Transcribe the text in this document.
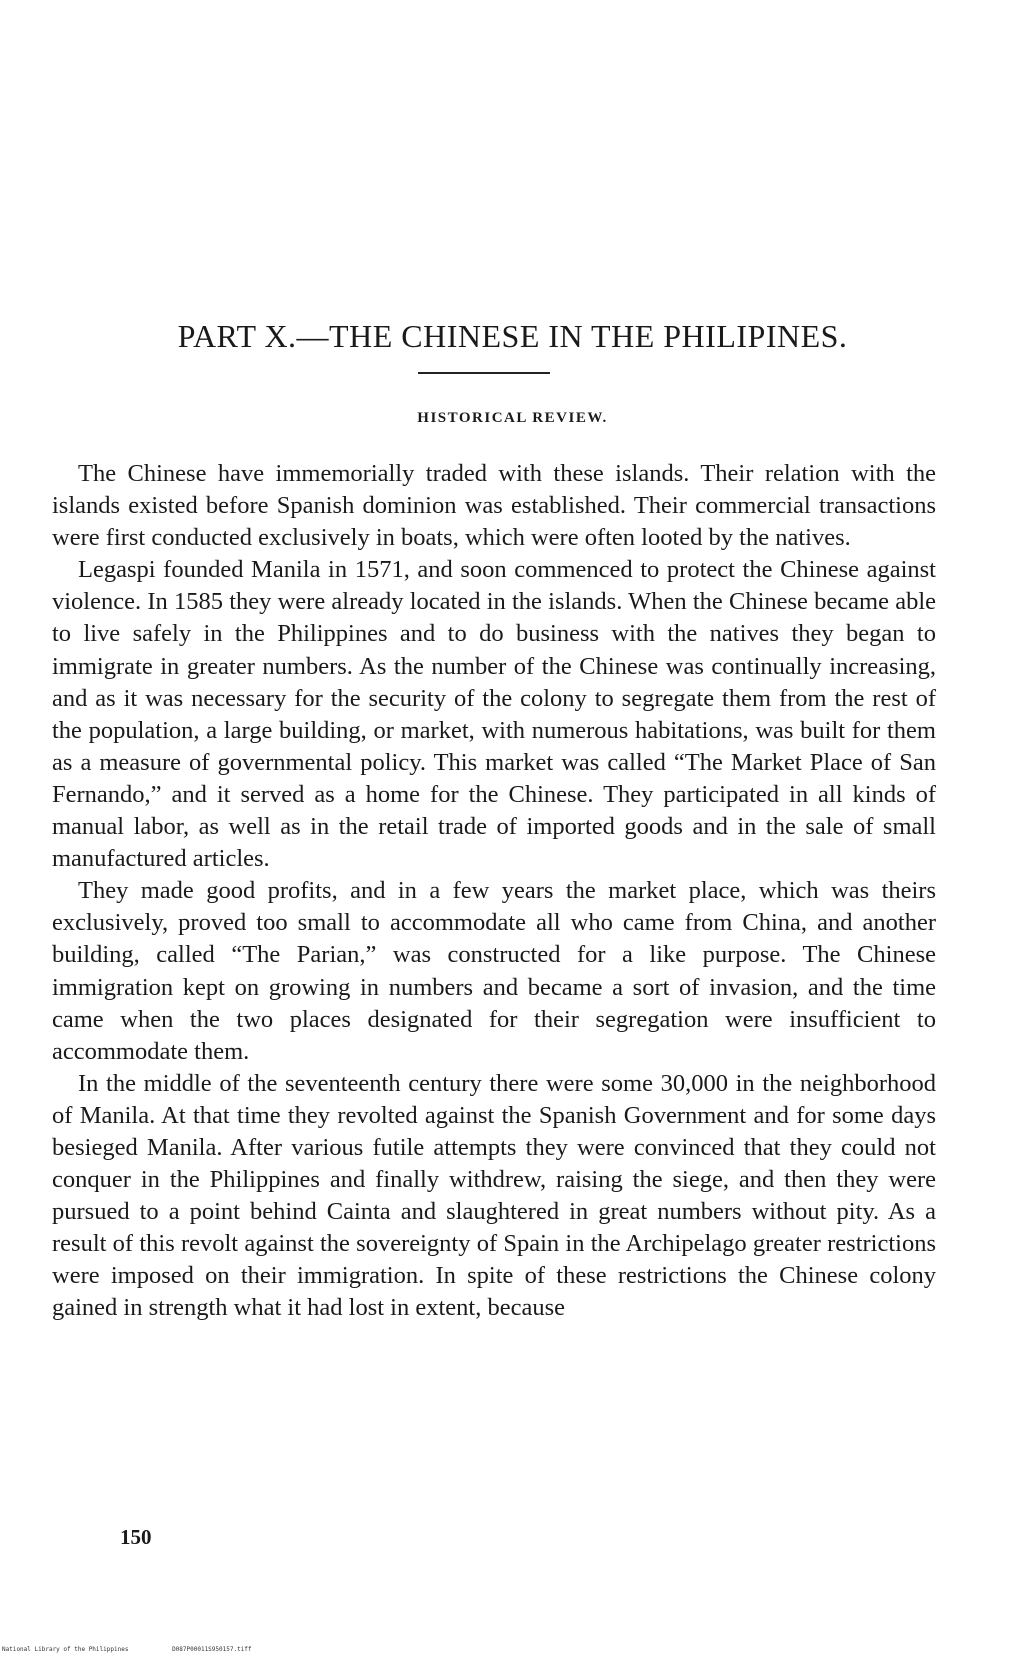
PART X.—THE CHINESE IN THE PHILIPINES.
HISTORICAL REVIEW.

The Chinese have immemorially traded with these islands. Their relation with the islands existed before Spanish dominion was established. Their commercial transactions were first conducted exclusively in boats, which were often looted by the natives.

Legaspi founded Manila in 1571, and soon commenced to protect the Chinese against violence. In 1585 they were already located in the islands. When the Chinese became able to live safely in the Philippines and to do business with the natives they began to immigrate in greater numbers. As the number of the Chinese was continually increasing, and as it was necessary for the security of the colony to segregate them from the rest of the population, a large building, or market, with numerous habitations, was built for them as a measure of governmental policy. This market was called “The Market Place of San Fernando,” and it served as a home for the Chinese. They participated in all kinds of manual labor, as well as in the retail trade of imported goods and in the sale of small manufactured articles.

They made good profits, and in a few years the market place, which was theirs exclusively, proved too small to accommodate all who came from China, and another building, called “The Parian,” was constructed for a like purpose. The Chinese immigration kept on growing in numbers and became a sort of invasion, and the time came when the two places designated for their segregation were insufficient to accommodate them.

In the middle of the seventeenth century there were some 30,000 in the neighborhood of Manila. At that time they revolted against the Spanish Government and for some days besieged Manila. After various futile attempts they were convinced that they could not conquer in the Philippines and finally withdrew, raising the siege, and then they were pursued to a point behind Cainta and slaughtered in great numbers without pity. As a result of this revolt against the sovereignty of Spain in the Archipelago greater restrictions were imposed on their immigration. In spite of these restrictions the Chinese colony gained in strength what it had lost in extent, because

150
National Library of the Philippines	D087P00011S950157.tiff
